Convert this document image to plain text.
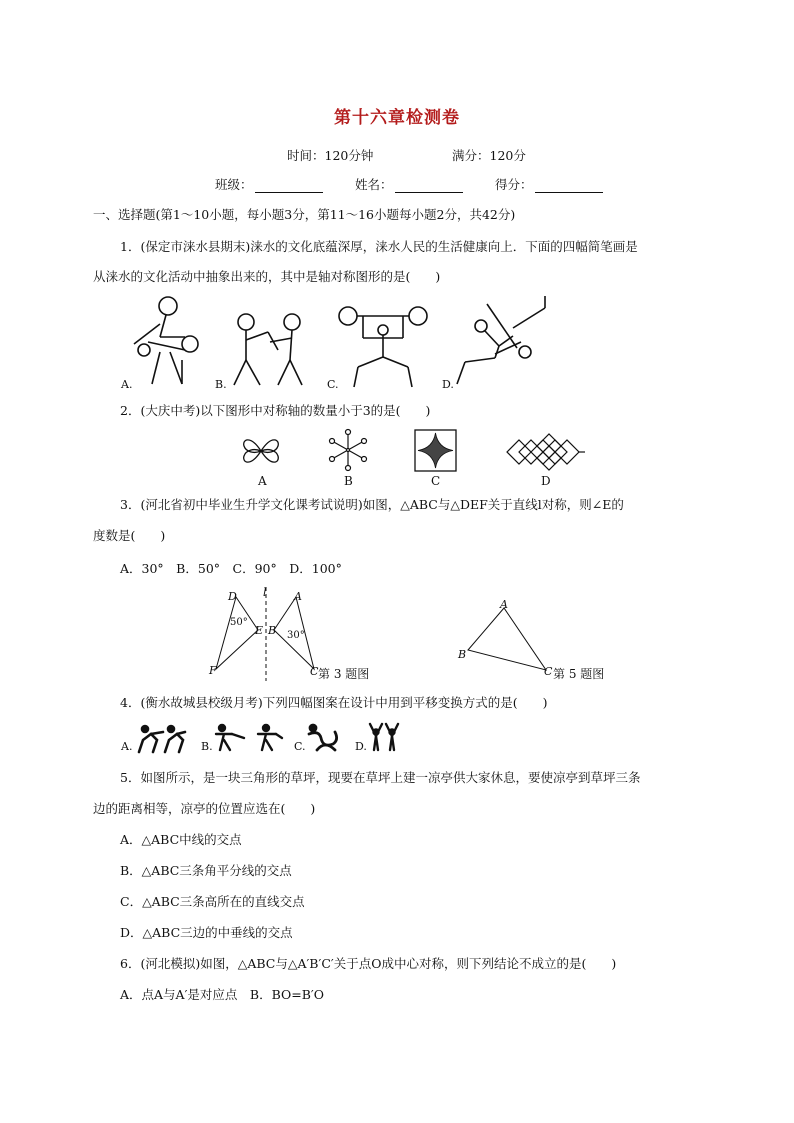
第十六章检测卷
时间：120分钟	满分：120分
班级：	姓名：	得分：
一、选择题(第1～10小题，每小题3分，第11～16小题每小题2分，共42分)
1．(保定市涞水县期末)涞水的文化底蕴深厚，涞水人民的生活健康向上．下面的四幅简笔画是
从涞水的文化活动中抽象出来的，其中是轴对称图形的是(　　)
A.	B.	C.	D.
2．(大庆中考)以下图形中对称轴的数量小于3的是(　　)
A	B	C	D
3．(河北省初中毕业生升学文化课考试说明)如图，△ABC与△DEF关于直线l对称，则∠E的
度数是(　　)
A．30°　B．50°　C．90°　D．100°
D l A
50°
E B 30°
F	C 第 3 题图
A
B
C 第 5 题图
4．(衡水故城县校级月考)下列四幅图案在设计中用到平移变换方式的是(　　)
A.	B.	C.	D.
5．如图所示，是一块三角形的草坪，现要在草坪上建一凉亭供大家休息，要使凉亭到草坪三条
边的距离相等，凉亭的位置应选在(　　)
A．△ABC中线的交点
B．△ABC三条角平分线的交点
C．△ABC三条高所在的直线交点
D．△ABC三边的中垂线的交点
6．(河北模拟)如图，△ABC与△A′B′C′关于点O成中心对称，则下列结论不成立的是(　　)
A．点A与A′是对应点　B．BO=B′O
